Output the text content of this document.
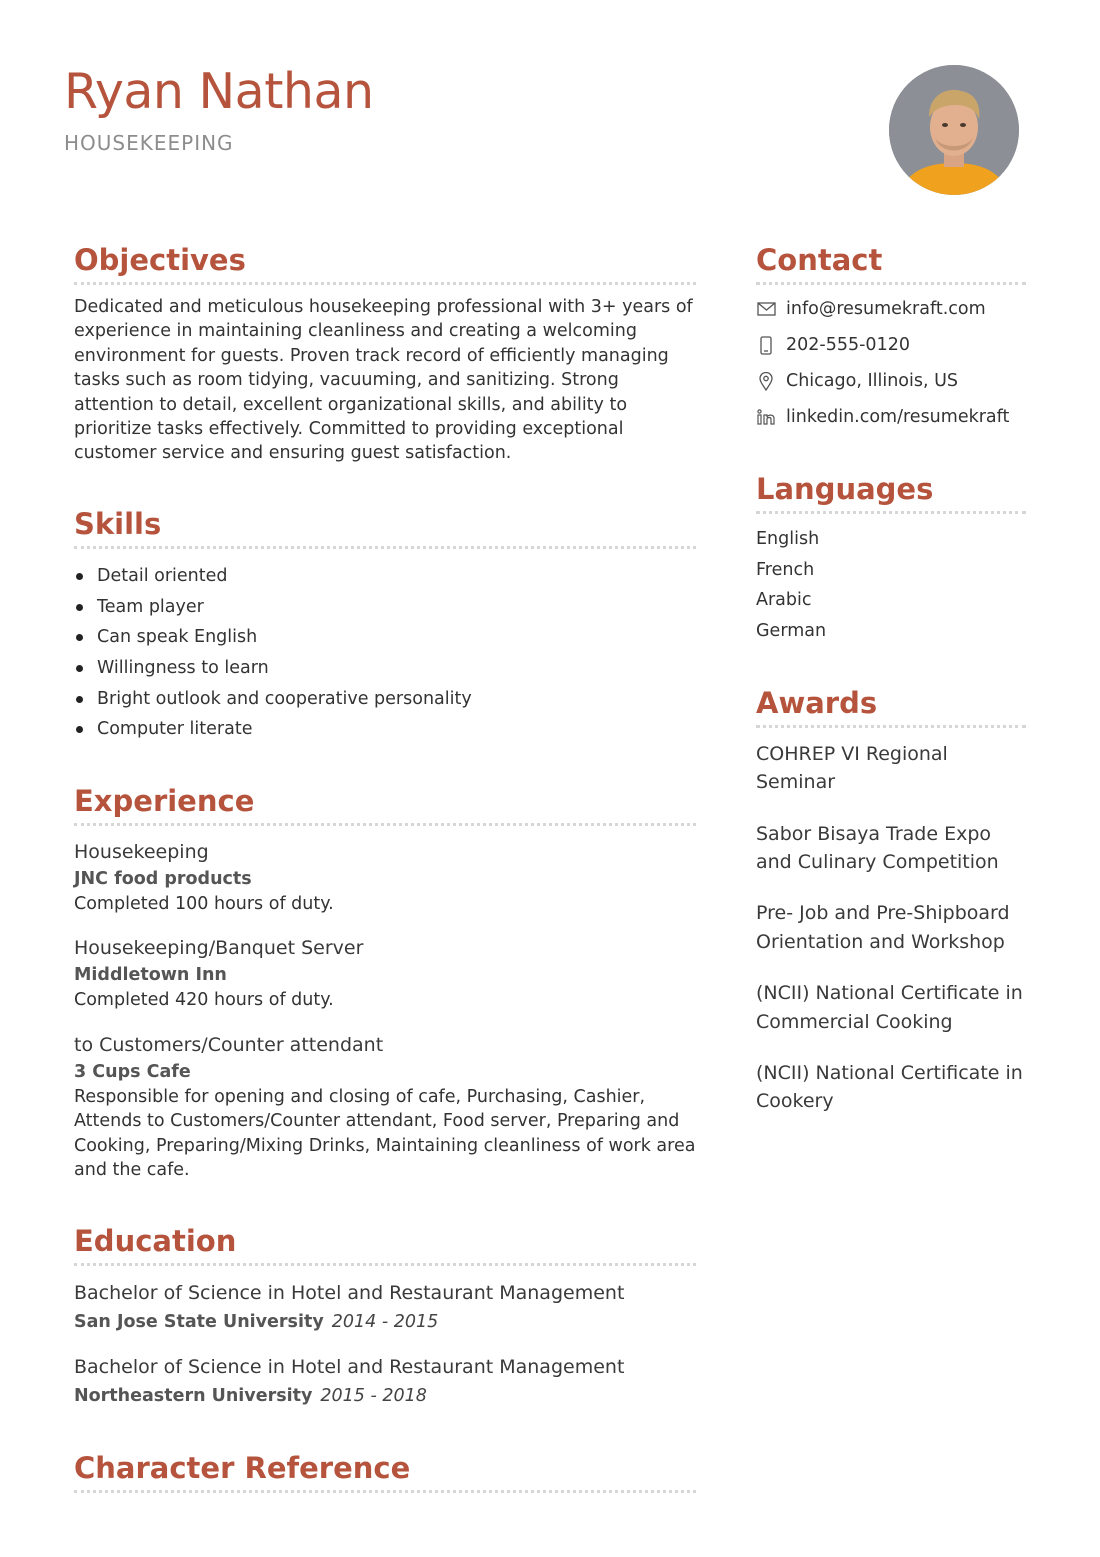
Ryan Nathan
HOUSEKEEPING
Objectives

Dedicated and meticulous housekeeping professional with 3+ years of experience in maintaining cleanliness and creating a welcoming environment for guests. Proven track record of efficiently managing tasks such as room tidying, vacuuming, and sanitizing. Strong attention to detail, excellent organizational skills, and ability to prioritize tasks effectively. Committed to providing exceptional customer service and ensuring guest satisfaction.

Skills
Detail oriented
Team player
Can speak English
Willingness to learn
Bright outlook and cooperative personality
Computer literate
Experience
Housekeeping
JNC food products
Completed 100 hours of duty.
Housekeeping/Banquet Server
Middletown Inn
Completed 420 hours of duty.
to Customers/Counter attendant
3 Cups Cafe
Responsible for opening and closing of cafe, Purchasing, Cashier, Attends to Customers/Counter attendant, Food server, Preparing and Cooking, Preparing/Mixing Drinks, Maintaining cleanliness of work area and the cafe.
Education
Bachelor of Science in Hotel and Restaurant Management
San Jose State University 2014 - 2015
Bachelor of Science in Hotel and Restaurant Management
Northeastern University 2015 - 2018
Character Reference
Contact
info@resumekraft.com
202-555-0120
Chicago, Illinois, US
linkedin.com/resumekraft
Languages
English
French
Arabic
German
Awards
COHREP VI Regional Seminar
Sabor Bisaya Trade Expo and Culinary Competition
Pre- Job and Pre-Shipboard Orientation and Workshop
(NCII) National Certificate in Commercial Cooking
(NCII) National Certificate in Cookery
